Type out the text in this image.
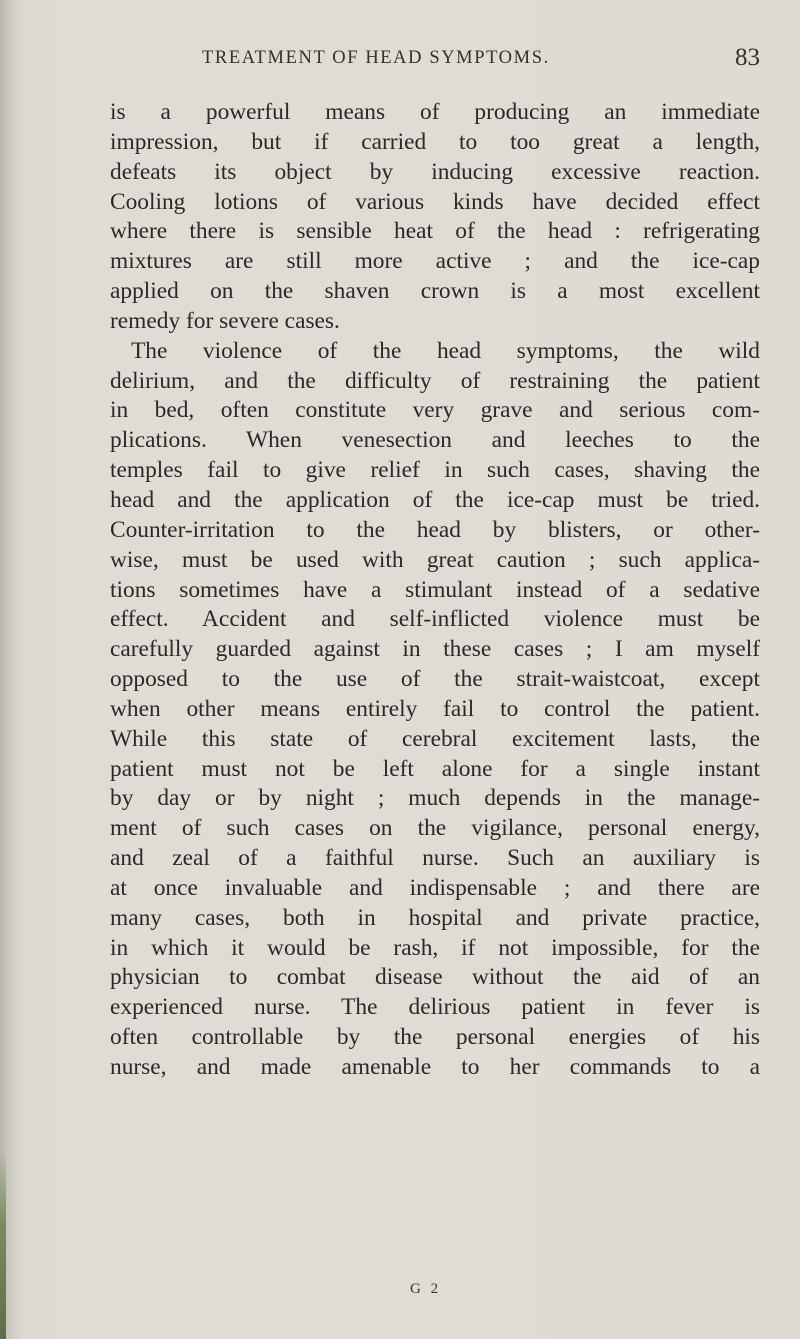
TREATMENT OF HEAD SYMPTOMS.	83
is a powerful means of producing an immediate
impression, but if carried to too great a length,
defeats its object by inducing excessive reaction.
Cooling lotions of various kinds have decided effect
where there is sensible heat of the head : refrigerating
mixtures are still more active ; and the ice-cap
applied on the shaven crown is a most excellent
remedy for severe cases.
The violence of the head symptoms, the wild
delirium, and the difficulty of restraining the patient
in bed, often constitute very grave and serious com-
plications. When venesection and leeches to the
temples fail to give relief in such cases, shaving the
head and the application of the ice-cap must be tried.
Counter-irritation to the head by blisters, or other-
wise, must be used with great caution ; such applica-
tions sometimes have a stimulant instead of a sedative
effect. Accident and self-inflicted violence must be
carefully guarded against in these cases ; I am myself
opposed to the use of the strait-waistcoat, except
when other means entirely fail to control the patient.
While this state of cerebral excitement lasts, the
patient must not be left alone for a single instant
by day or by night ; much depends in the manage-
ment of such cases on the vigilance, personal energy,
and zeal of a faithful nurse. Such an auxiliary is
at once invaluable and indispensable ; and there are
many cases, both in hospital and private practice,
in which it would be rash, if not impossible, for the
physician to combat disease without the aid of an
experienced nurse. The delirious patient in fever is
often controllable by the personal energies of his
nurse, and made amenable to her commands to a
G 2
